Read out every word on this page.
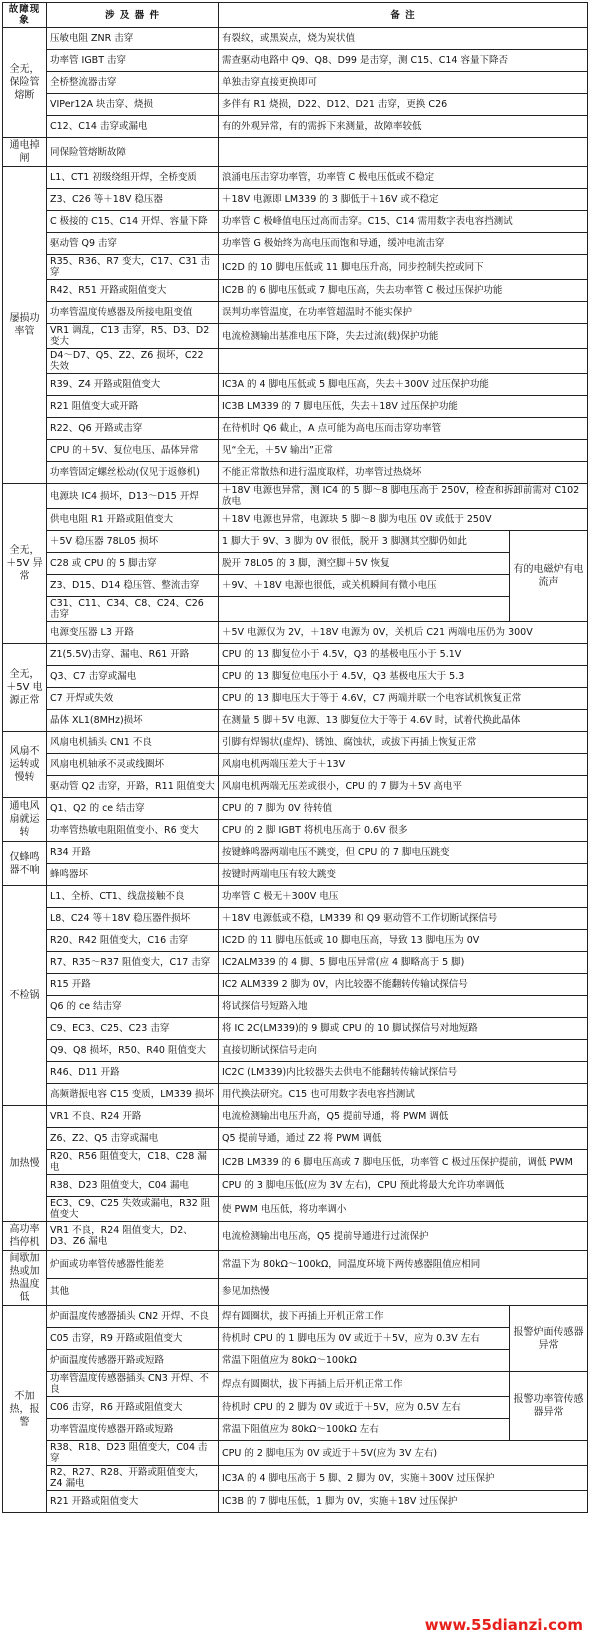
故障现象	涉 及 器 件	备 注	
全无，保险管熔断	压敏电阻 ZNR 击穿	有裂纹，或黑炭点，烧为炭状值	
	功率管 IGBT 击穿	需查驱动电路中 Q9、Q8、D99 是击穿，测 C15、C14 容量下降否	
	全桥整流器击穿	单独击穿直接更换即可	
	VIPer12A 块击穿、烧损	多伴有 R1 烧损，D22、D12、D21 击穿，更换 C26	
	C12、C14 击穿或漏电	有的外观异常，有的需拆下来测量，故障率较低	
通电掉闸	同保险管熔断故障		
屡损功率管	L1、CT1 初级绕组开焊，全桥变质	浪涌电压击穿功率管，功率管 C 极电压低或不稳定	
	Z3、C26 等＋18V 稳压器	＋18V 电源即 LM339 的 3 脚低于＋16V 或不稳定	
	C 极接的 C15、C14 开焊、容量下降	功率管 C 极峰值电压过高而击穿。C15、C14 需用数字表电容挡测试	
	驱动管 Q9 击穿	功率管 G 极始终为高电压而饱和导通，缓冲电流击穿	
	R35、R36、R7 变大，C17、C31 击穿	IC2D 的 10 脚电压低或 11 脚电压升高，同步控制失控或同下	
	R42、R51 开路或阻值变大	IC2B 的 6 脚电压低或 7 脚电压高，失去功率管 C 极过压保护功能	
	功率管温度传感器及所接电阻变值	误判功率管温度，在功率管超温时不能实保护	
	VR1 调乱，C13 击穿，R5、D3、D2 变大	电流检测输出基准电压下降，失去过流(载)保护功能	
	D4～D7、Q5、Z2、Z6 损坏，C22 失效		
	R39、Z4 开路或阻值变大	IC3A 的 4 脚电压低或 5 脚电压高，失去＋300V 过压保护功能	
	R21 阻值变大或开路	IC3B LM339 的 7 脚电压低，失去＋18V 过压保护功能	
	R22、Q6 开路或击穿	在待机时 Q6 截止，A 点可能为高电压而击穿功率管	
	CPU 的＋5V、复位电压、晶体异常	见“全无，＋5V 输出”正常	
	功率管固定螺丝松动(仅见于返修机)	不能正常散热和进行温度取样，功率管过热烧坏	
全无，＋5V 异常	电源块 IC4 损坏，D13～D15 开焊	＋18V 电源也异常，测 IC4 的 5 脚～8 脚电压高于 250V，检查和拆卸前需对 C102 放电	
	供电电阻 R1 开路或阻值变大	＋18V 电源也异常，电源块 5 脚～8 脚为电压 0V 或低于 250V	
	＋5V 稳压器 78L05 损坏	1 脚大于 9V、3 脚为 0V 很低，脱开 3 脚测其空脚仍如此	有的电磁炉有电流声
	C28 或 CPU 的 5 脚击穿	脱开 78L05 的 3 脚，测空脚＋5V 恢复	
	Z3、D15、D14 稳压管、整流击穿	＋9V、＋18V 电源也很低，或关机瞬间有微小电压	
	C31、C11、C34、C8、C24、C26 击穿		
	电源变压器 L3 开路	＋5V 电源仅为 2V，＋18V 电源为 0V，关机后 C21 两端电压仍为 300V	
全无，＋5V 电源正常	Z1(5.5V)击穿、漏电、R61 开路	CPU 的 13 脚复位小于 4.5V，Q3 的基极电压小于 5.1V	
	Q3、C7 击穿或漏电	CPU 的 13 脚复位电压小于 4.5V，Q3 基极电压大于 5.3	
	C7 开焊或失效	CPU 的 13 脚电压大于等于 4.6V，C7 两端并联一个电容试机恢复正常	
	晶体 XL1(8MHz)损坏	在测量 5 脚＋5V 电源、13 脚复位大于等于 4.6V 时，试着代换此晶体	
风扇不运转或慢转	风扇电机插头 CN1 不良	引脚有焊锡状(虚焊)、锈蚀、腐蚀状，或拔下再插上恢复正常	
	风扇电机轴承不灵或线圈坏	风扇电机两端压差大于＋13V	
	驱动管 Q2 击穿，开路，R11 阻值变大	风扇电机两端无压差或很小，CPU 的 7 脚为＋5V 高电平	
通电风扇就运转	Q1、Q2 的 ce 结击穿	CPU 的 7 脚为 0V 待转值	
	功率管热敏电阻阻值变小、R6 变大	CPU 的 2 脚 IGBT 将机电压高于 0.6V 很多	
仅蜂鸣器不响	R34 开路	按键蜂鸣器两端电压不跳变，但 CPU 的 7 脚电压跳变	
	蜂鸣器坏	按键时两端电压有较大跳变	
不检锅	L1、全桥、CT1、线盘接触不良	功率管 C 极无＋300V 电压	
	L8、C24 等＋18V 稳压器件损坏	＋18V 电源低或不稳，LM339 和 Q9 驱动管不工作切断试探信号	
	R20、R42 阻值变大，C16 击穿	IC2D 的 11 脚电压低或 10 脚电压高，导致 13 脚电压为 0V	
	R7、R35～R37 阻值变大，C17 击穿	IC2ALM339 的 4 脚、5 脚电压异常(应 4 脚略高于 5 脚)	
	R15 开路	IC2 ALM339 2 脚为 0V，内比较器不能翻转传输试探信号	
	Q6 的 ce 结击穿	将试探信号短路入地	
	C9、EC3、C25、C23 击穿	将 IC 2C(LM339)的 9 脚或 CPU 的 10 脚试探信号对地短路	
	Q9、Q8 损坏，R50、R40 阻值变大	直接切断试探信号走向	
	R46、D11 开路	IC2C (LM339)内比较器失去供电不能翻转传输试探信号	
	高频谐振电容 C15 变质，LM339 损坏	用代换法研究。C15 也可用数字表电容挡测试	
加热慢	VR1 不良、R24 开路	电流检测输出电压升高，Q5 提前导通，将 PWM 调低	
	Z6、Z2、Q5 击穿或漏电	Q5 提前导通，通过 Z2 将 PWM 调低	
	R20、R56 阻值变大，C18、C28 漏电	IC2B LM339 的 6 脚电压高或 7 脚电压低，功率管 C 极过压保护提前，调低 PWM	
	R38、D23 阻值变大，C04 漏电	CPU 的 3 脚电压低(应为 3V 左右)，CPU 预此将最大允许功率调低	
	EC3、C9、C25 失效或漏电，R32 阻值变大	使 PWM 电压低，将功率调小	
高功率挡停机	VR1 不良，R24 阻值变大，D2、D3、Z6 漏电	电流检测输出电压高，Q5 提前导通进行过流保护	
间歇加热或加热温度低	炉面或功率管传感器性能差	常温下为 80kΩ～100kΩ，同温度环境下两传感器阻值应相同	
	其他	参见加热慢	
不加热，报警	炉面温度传感器插头 CN2 开焊、不良	焊有圆圈状，拔下再插上开机正常工作	报警炉面传感器异常
	C05 击穿，R9 开路或阻值变大	待机时 CPU 的 1 脚电压为 0V 或近于＋5V，应为 0.3V 左右	
	炉面温度传感器开路或短路	常温下阻值应为 80kΩ～100kΩ	
	功率管温度传感器插头 CN3 开焊、不良	焊点有圆圈状，拔下再插上后开机正常工作	报警功率管传感器异常
	C06 击穿，R6 开路或阻值变大	待机时 CPU 的 2 脚为 0V 或近于＋5V，应为 0.5V 左右	
	功率管温度传感器开路或短路	常温下阻值应为 80kΩ～100kΩ 左右	
	R38、R18、D23 阻值变大，C04 击穿	CPU 的 2 脚电压为 0V 或近于＋5V(应为 3V 左右)	
	R2、R27、R28、开路或阻值变大，Z4 漏电	IC3A 的 4 脚电压高于 5 脚、2 脚为 0V，实施＋300V 过压保护	
	R21 开路或阻值变大	IC3B 的 7 脚电压低，1 脚为 0V，实施＋18V 过压保护	
www.55dianzi.com
